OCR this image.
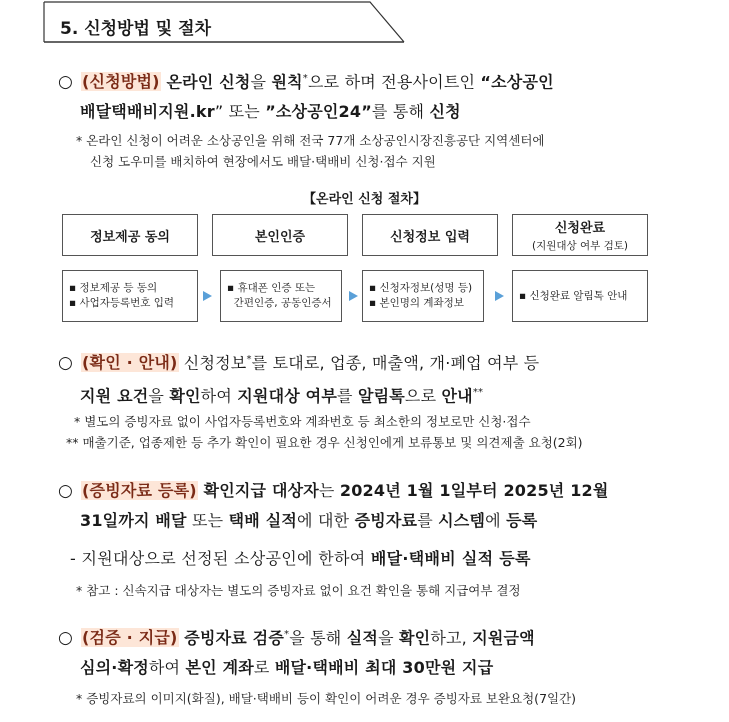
5. 신청방법 및 절차
○ (신청방법) 온라인 신청을 원칙*으로 하며 전용사이트인 “소상공인
배달택배비지원.kr” 또는 ”소상공인24”를 통해 신청
* 온라인 신청이 어려운 소상공인을 위해 전국 77개 소상공인시장진흥공단 지역센터에
신청 도우미를 배치하여 현장에서도 배달·택배비 신청·접수 지원
【온라인 신청 절차】
정보제공 동의	본인인증	신청정보 입력
신청완료
(지원대상 여부 검토)
▪ 정보제공 등 동의
▪ 사업자등록번호 입력
▪ 휴대폰 인증 또는
간편인증, 공동인증서
▪ 신청자정보(성명 등)
▪ 본인명의 계좌정보
▪ 신청완료 알림톡 안내
○ (확인 · 안내) 신청정보*를 토대로, 업종, 매출액, 개·폐업 여부 등
지원 요건을 확인하여 지원대상 여부를 알림톡으로 안내**
* 별도의 증빙자료 없이 사업자등록번호와 계좌번호 등 최소한의 정보로만 신청·접수
** 매출기준, 업종제한 등 추가 확인이 필요한 경우 신청인에게 보류통보 및 의견제출 요청(2회)
○ (증빙자료 등록) 확인지급 대상자는 2024년 1월 1일부터 2025년 12월
31일까지 배달 또는 택배 실적에 대한 증빙자료를 시스템에 등록
- 지원대상으로 선정된 소상공인에 한하여 배달·택배비 실적 등록
* 참고 : 신속지급 대상자는 별도의 증빙자료 없이 요건 확인을 통해 지급여부 결정
○ (검증 · 지급) 증빙자료 검증*을 통해 실적을 확인하고, 지원금액
심의·확정하여 본인 계좌로 배달·택배비 최대 30만원 지급
* 증빙자료의 이미지(화질), 배달·택배비 등이 확인이 어려운 경우 증빙자료 보완요청(7일간)
